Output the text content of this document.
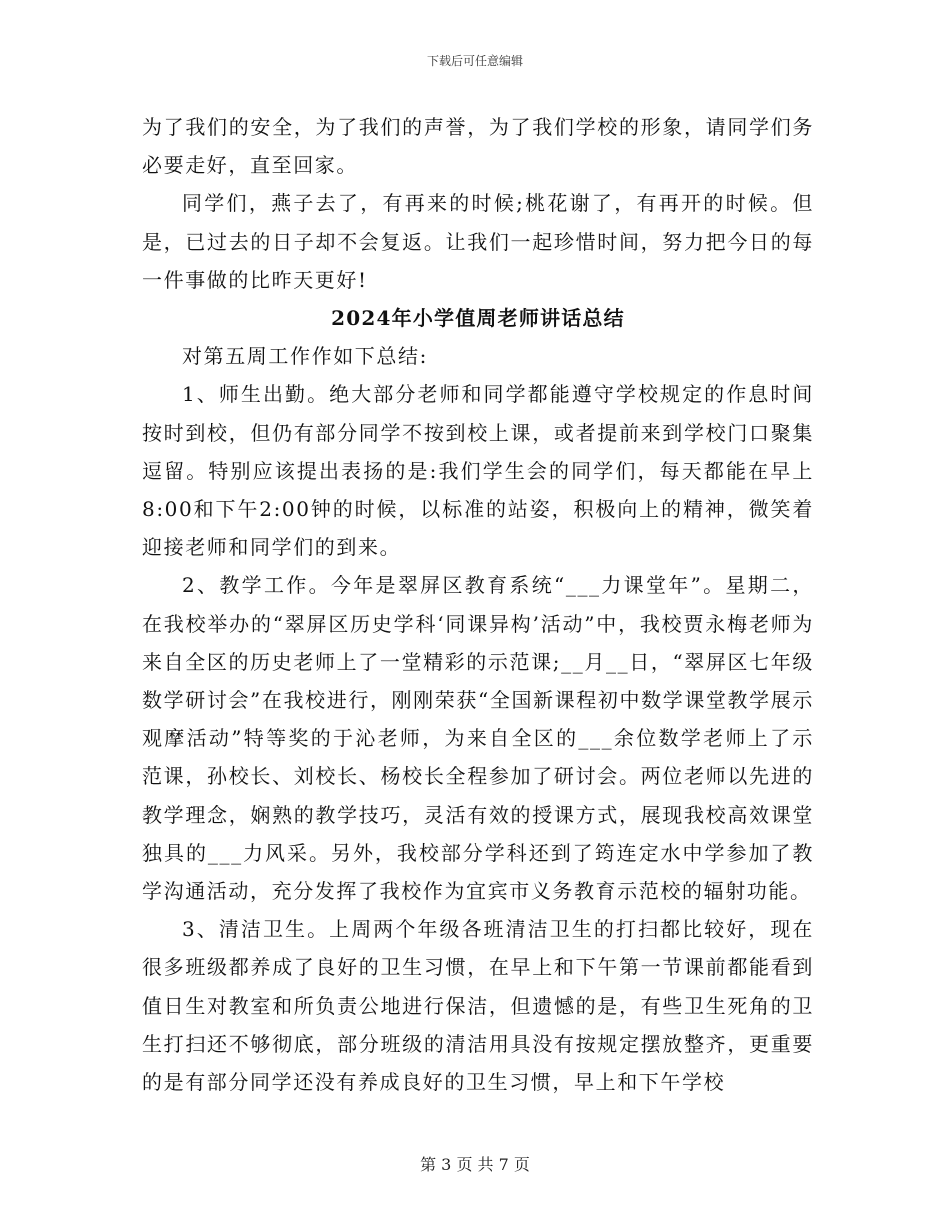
下载后可任意编辑

为了我们的安全，为了我们的声誉，为了我们学校的形象，请同学们务必要走好，直至回家。

同学们，燕子去了，有再来的时候;桃花谢了，有再开的时候。但是，已过去的日子却不会复返。让我们一起珍惜时间，努力把今日的每一件事做的比昨天更好!

2024年小学值周老师讲话总结

对第五周工作作如下总结:

1、师生出勤。绝大部分老师和同学都能遵守学校规定的作息时间按时到校，但仍有部分同学不按到校上课，或者提前来到学校门口聚集逗留。特别应该提出表扬的是:我们学生会的同学们，每天都能在早上8:00和下午2:00钟的时候，以标准的站姿，积极向上的精神，微笑着迎接老师和同学们的到来。

2、教学工作。今年是翠屏区教育系统“___力课堂年”。星期二，在我校举办的“翠屏区历史学科‘同课异构’活动”中，我校贾永梅老师为来自全区的历史老师上了一堂精彩的示范课;__月__日，“翠屏区七年级数学研讨会”在我校进行，刚刚荣获“全国新课程初中数学课堂教学展示观摩活动”特等奖的于沁老师，为来自全区的___余位数学老师上了示范课，孙校长、刘校长、杨校长全程参加了研讨会。两位老师以先进的教学理念，娴熟的教学技巧，灵活有效的授课方式，展现我校高效课堂独具的___力风采。另外，我校部分学科还到了筠连定水中学参加了教学沟通活动，充分发挥了我校作为宜宾市义务教育示范校的辐射功能。

3、清洁卫生。上周两个年级各班清洁卫生的打扫都比较好，现在很多班级都养成了良好的卫生习惯，在早上和下午第一节课前都能看到值日生对教室和所负责公地进行保洁，但遗憾的是，有些卫生死角的卫生打扫还不够彻底，部分班级的清洁用具没有按规定摆放整齐，更重要的是有部分同学还没有养成良好的卫生习惯，早上和下午学校

第 3 页 共 7 页
